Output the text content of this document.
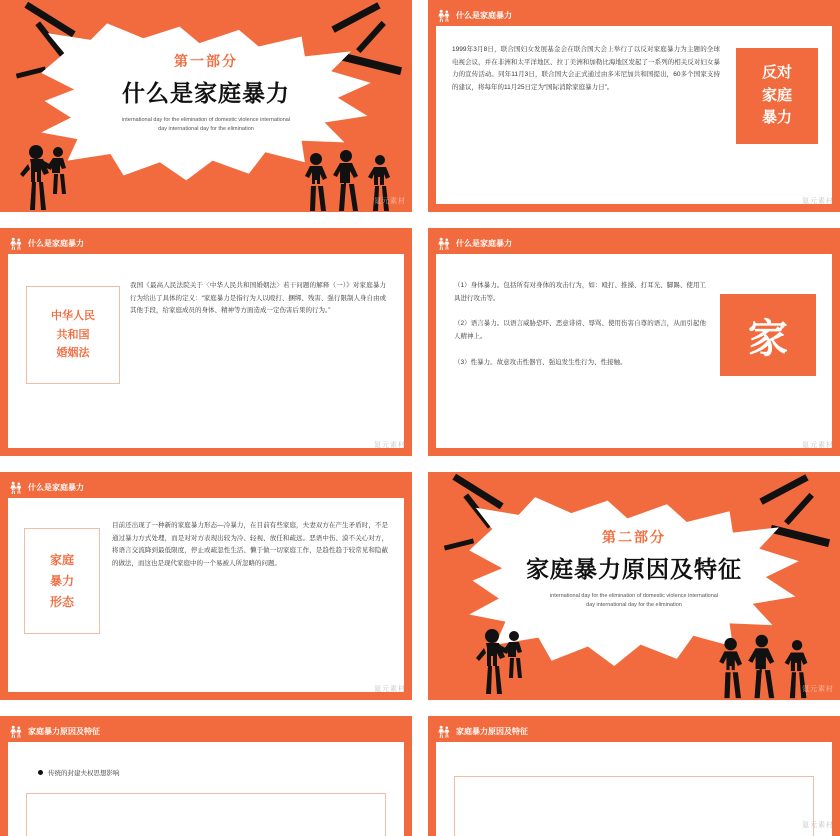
第一部分
什么是家庭暴力
international day for the elimination of domestic violence international
day international day for the elimination
氪元素材
什么是家庭暴力
1999年3月8日，联合国妇女发展基金会在联合国大会上举行了以反对家庭暴力为主题的全球电视会议，并在非洲和太平洋地区、拉丁美洲和加勒比海地区发起了一系列的相关反对妇女暴力的宣传活动。同年11月3日，联合国大会正式通过由多米尼加共和国提出，60多个国家支持的建议，将每年的11月25日定为“国际消除家庭暴力日”。
反对
家庭
暴力
氪元素材
什么是家庭暴力
中华人民
共和国
婚姻法
我国《最高人民法院关于〈中华人民共和国婚姻法〉若干问题的解释（一）》对家庭暴力行为给出了具体的定义：“家庭暴力是指行为人以殴打、捆绑、残害、强行限制人身自由或其他手段，给家庭成员的身体、精神等方面造成一定伤害后果的行为。”
氪元素材
什么是家庭暴力
（1）身体暴力。包括所有对身体的攻击行为，如：殴打、推搡、打耳光、脚踢、使用工具进行攻击等。
（2）语言暴力。以语言威胁恐吓、恶意诽谤、辱骂、使用伤害自尊的语言，从而引起他人精神上。
（3）性暴力。故意攻击性器官、强迫发生性行为、性接触。
家
氪元素材
什么是家庭暴力
家庭
暴力
形态
目前还出现了一种新的家庭暴力形态—冷暴力，在目前有些家庭，夫妻双方在产生矛盾时，不是通过暴力方式处理，而是对对方表现出较为冷、轻视、放任和疏远。恶语中伤、漠不关心对方，将语言交流降到最低限度，停止或疏忽性生活、懒于做一切家庭工作，是趋性趋于较常见和隐蔽的做法，而这也是现代家庭中的一个易被人所忽略的问题。
氪元素材
第二部分
家庭暴力原因及特征
international day for the elimination of domestic violence international
day international day for the elimination
氪元素材
家庭暴力原因及特征
传统的封建夫权思想影响
家庭暴力原因及特征
氪元素材
